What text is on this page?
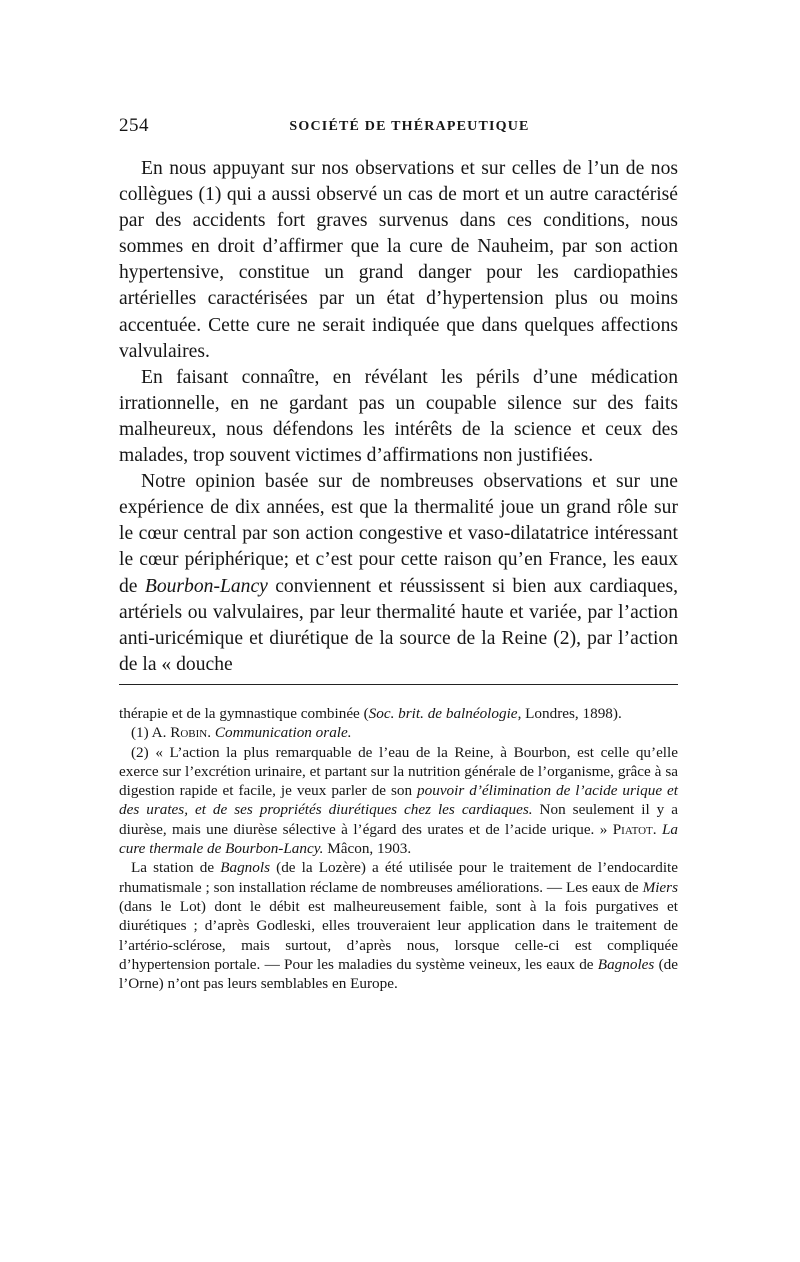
254	SOCIÉTÉ DE THÉRAPEUTIQUE

En nous appuyant sur nos observations et sur celles de l’un de nos collègues (1) qui a aussi observé un cas de mort et un autre caractérisé par des accidents fort graves survenus dans ces conditions, nous sommes en droit d’affirmer que la cure de Nauheim, par son action hypertensive, constitue un grand danger pour les cardiopathies artérielles caractérisées par un état d’hypertension plus ou moins accentuée. Cette cure ne serait indiquée que dans quelques affections valvulaires.

En faisant connaître, en révélant les périls d’une médication irrationnelle, en ne gardant pas un coupable silence sur des faits malheureux, nous défendons les intérêts de la science et ceux des malades, trop souvent victimes d’affirmations non justifiées.

Notre opinion basée sur de nombreuses observations et sur une expérience de dix années, est que la thermalité joue un grand rôle sur le cœur central par son action congestive et vaso-dilatatrice intéressant le cœur périphérique; et c’est pour cette raison qu’en France, les eaux de Bourbon-Lancy conviennent et réussissent si bien aux cardiaques, artériels ou valvulaires, par leur thermalité haute et variée, par l’action anti-uricémique et diurétique de la source de la Reine (2), par l’action de la « douche

thérapie et de la gymnastique combinée (Soc. brit. de balnéologie, Londres, 1898).

(1) A. Robin. Communication orale.

(2) « L’action la plus remarquable de l’eau de la Reine, à Bourbon, est celle qu’elle exerce sur l’excrétion urinaire, et partant sur la nutrition générale de l’organisme, grâce à sa digestion rapide et facile, je veux parler de son pouvoir d’élimination de l’acide urique et des urates, et de ses propriétés diurétiques chez les cardiaques. Non seulement il y a diurèse, mais une diurèse sélective à l’égard des urates et de l’acide urique. » Piatot. La cure thermale de Bourbon-Lancy. Mâcon, 1903.

La station de Bagnols (de la Lozère) a été utilisée pour le traitement de l’endocardite rhumatismale ; son installation réclame de nombreuses améliorations. — Les eaux de Miers (dans le Lot) dont le débit est malheureusement faible, sont à la fois purgatives et diurétiques ; d’après Godleski, elles trouveraient leur application dans le traitement de l’artério-sclérose, mais surtout, d’après nous, lorsque celle-ci est compliquée d’hypertension portale. — Pour les maladies du système veineux, les eaux de Bagnoles (de l’Orne) n’ont pas leurs semblables en Europe.
